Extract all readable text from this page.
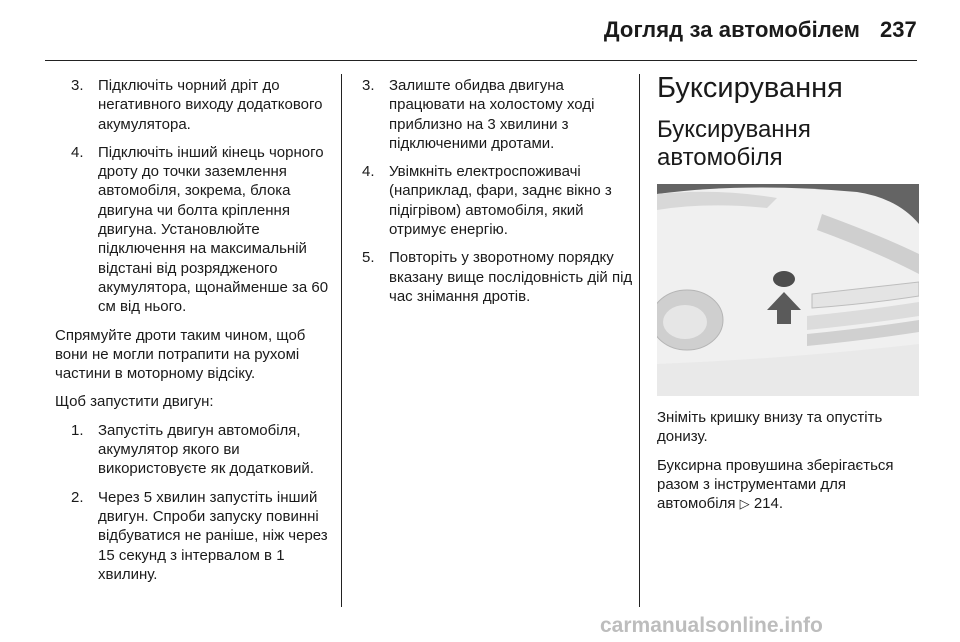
Догляд за автомобілем 237
3. Підключіть чорний дріт до негативного виходу додаткового акумулятора.
4. Підключіть інший кінець чорного дроту до точки заземлення автомобіля, зокрема, блока двигуна чи болта кріплення двигуна. Установлюйте підключення на максимальній відстані від розрядженого акумулятора, щонайменше за 60 см від нього.

Спрямуйте дроти таким чином, щоб вони не могли потрапити на рухомі частини в моторному відсіку.

Щоб запустити двигун:

1. Запустіть двигун автомобіля, акумулятор якого ви використовуєте як додатковий.
2. Через 5 хвилин запустіть інший двигун. Спроби запуску повинні відбуватися не раніше, ніж через 15 секунд з інтервалом в 1 хвилину.
3. Залиште обидва двигуна працювати на холостому ході приблизно на 3 хвилини з підключеними дротами.
4. Увімкніть електроспоживачі (наприклад, фари, заднє вікно з підігрівом) автомобіля, який отримує енергію.
5. Повторіть у зворотному порядку вказану вище послідовність дій під час знімання дротів.
Буксирування
Буксирування автомобіля

Зніміть кришку внизу та опустіть донизу.

Буксирна провушина зберігається разом з інструментами для автомобіля ▷ 214.

carmanualsonline.info
